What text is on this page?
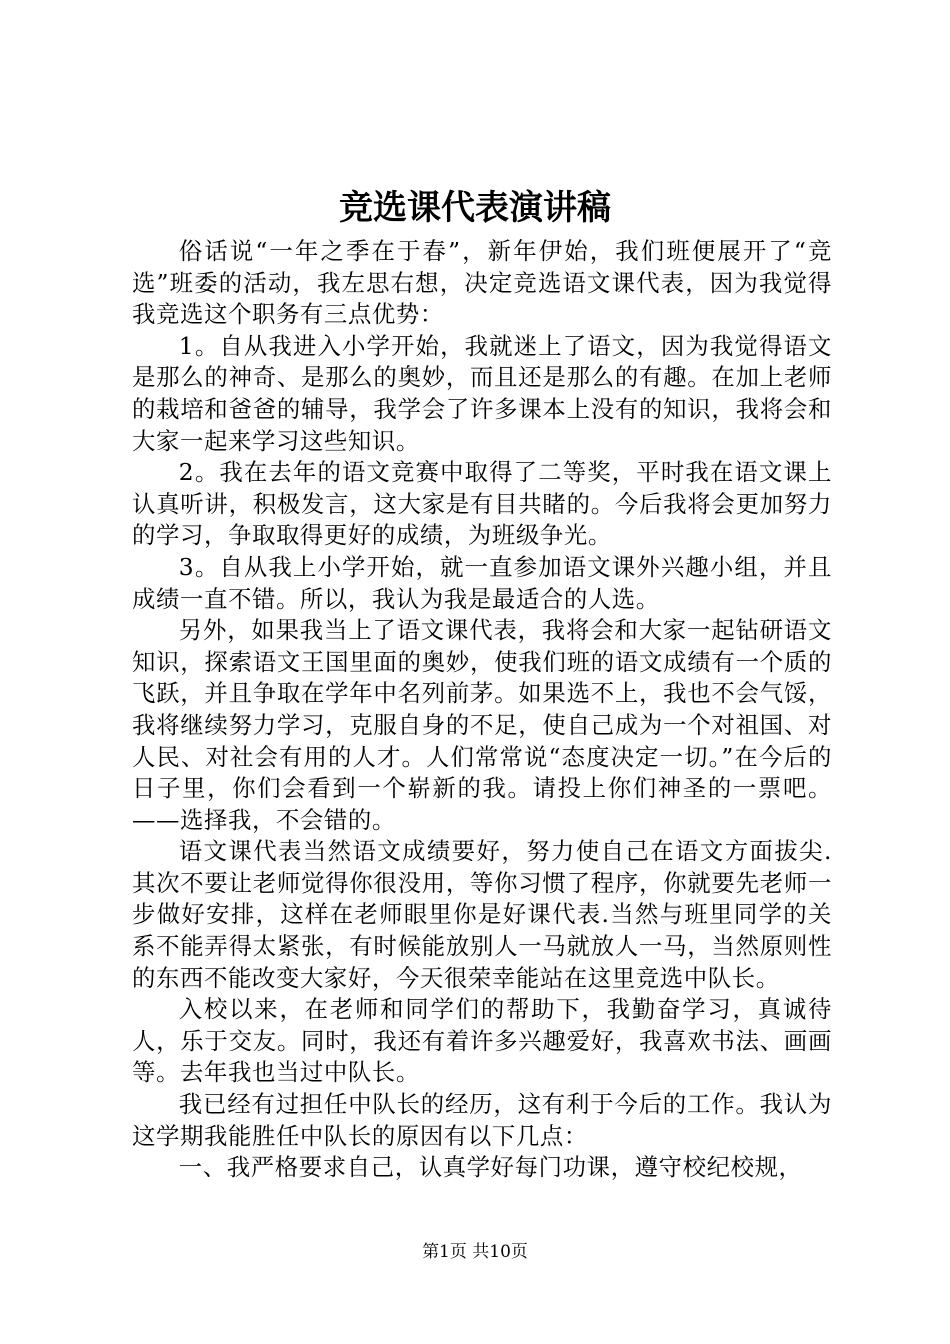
竞选课代表演讲稿

俗话说“一年之季在于春”，新年伊始，我们班便展开了“竞选”班委的活动，我左思右想，决定竞选语文课代表，因为我觉得我竞选这个职务有三点优势：

1。自从我进入小学开始，我就迷上了语文，因为我觉得语文是那么的神奇、是那么的奥妙，而且还是那么的有趣。在加上老师的栽培和爸爸的辅导，我学会了许多课本上没有的知识，我将会和大家一起来学习这些知识。

2。我在去年的语文竞赛中取得了二等奖，平时我在语文课上认真听讲，积极发言，这大家是有目共睹的。今后我将会更加努力的学习，争取取得更好的成绩，为班级争光。

3。自从我上小学开始，就一直参加语文课外兴趣小组，并且成绩一直不错。所以，我认为我是最适合的人选。

另外，如果我当上了语文课代表，我将会和大家一起钻研语文知识，探索语文王国里面的奥妙，使我们班的语文成绩有一个质的飞跃，并且争取在学年中名列前茅。如果选不上，我也不会气馁，我将继续努力学习，克服自身的不足，使自己成为一个对祖国、对人民、对社会有用的人才。人们常常说“态度决定一切。”在今后的日子里，你们会看到一个崭新的我。请投上你们神圣的一票吧。——选择我，不会错的。

语文课代表当然语文成绩要好，努力使自己在语文方面拔尖.其次不要让老师觉得你很没用，等你习惯了程序，你就要先老师一步做好安排，这样在老师眼里你是好课代表.当然与班里同学的关系不能弄得太紧张，有时候能放别人一马就放人一马，当然原则性的东西不能改变大家好，今天很荣幸能站在这里竞选中队长。

入校以来，在老师和同学们的帮助下，我勤奋学习，真诚待人，乐于交友。同时，我还有着许多兴趣爱好，我喜欢书法、画画等。去年我也当过中队长。

我已经有过担任中队长的经历，这有利于今后的工作。我认为这学期我能胜任中队长的原因有以下几点：

一、我严格要求自己，认真学好每门功课，遵守校纪校规，

第1页 共10页
